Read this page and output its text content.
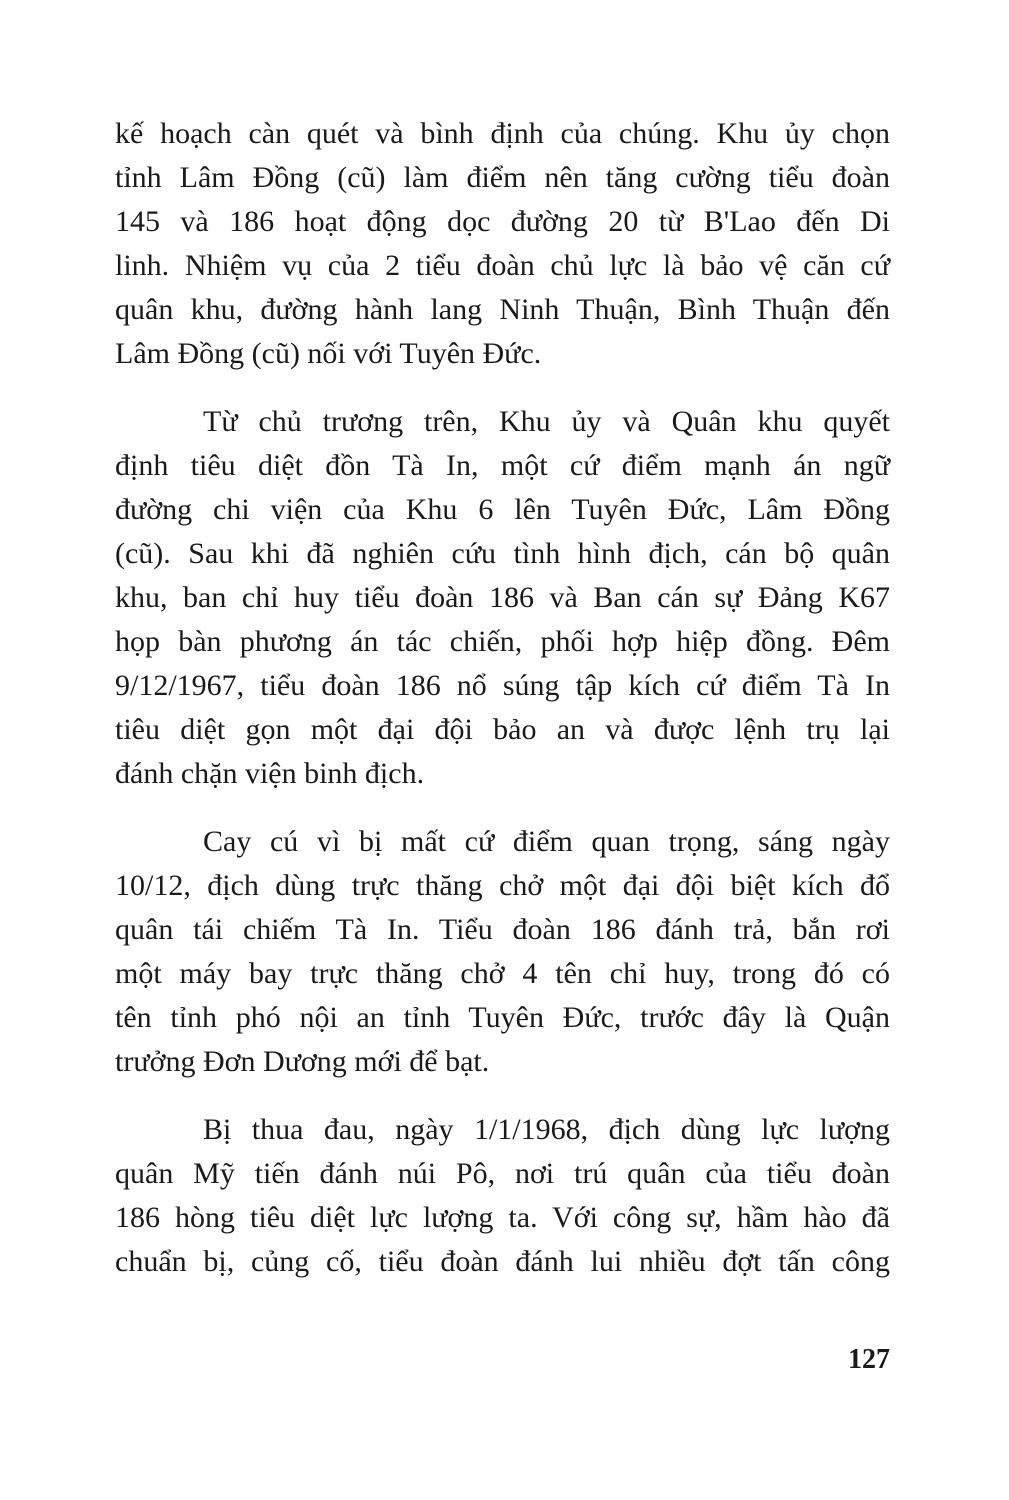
kế hoạch càn quét và bình định của chúng. Khu ủy chọn
tỉnh Lâm Đồng (cũ) làm điểm nên tăng cường tiểu đoàn
145 và 186 hoạt động dọc đường 20 từ B'Lao đến Di
linh. Nhiệm vụ của 2 tiểu đoàn chủ lực là bảo vệ căn cứ
quân khu, đường hành lang Ninh Thuận, Bình Thuận đến
Lâm Đồng (cũ) nối với Tuyên Đức.
Từ chủ trương trên, Khu ủy và Quân khu quyết
định tiêu diệt đồn Tà In, một cứ điểm mạnh án ngữ
đường chi viện của Khu 6 lên Tuyên Đức, Lâm Đồng
(cũ). Sau khi đã nghiên cứu tình hình địch, cán bộ quân
khu, ban chỉ huy tiểu đoàn 186 và Ban cán sự Đảng K67
họp bàn phương án tác chiến, phối hợp hiệp đồng. Đêm
9/12/1967, tiểu đoàn 186 nổ súng tập kích cứ điểm Tà In
tiêu diệt gọn một đại đội bảo an và được lệnh trụ lại
đánh chặn viện binh địch.
Cay cú vì bị mất cứ điểm quan trọng, sáng ngày
10/12, địch dùng trực thăng chở một đại đội biệt kích đổ
quân tái chiếm Tà In. Tiểu đoàn 186 đánh trả, bắn rơi
một máy bay trực thăng chở 4 tên chỉ huy, trong đó có
tên tỉnh phó nội an tỉnh Tuyên Đức, trước đây là Quận
trưởng Đơn Dương mới để bạt.
Bị thua đau, ngày 1/1/1968, địch dùng lực lượng
quân Mỹ tiến đánh núi Pô, nơi trú quân của tiểu đoàn
186 hòng tiêu diệt lực lượng ta. Với công sự, hầm hào đã
chuẩn bị, củng cố, tiểu đoàn đánh lui nhiều đợt tấn công
127
